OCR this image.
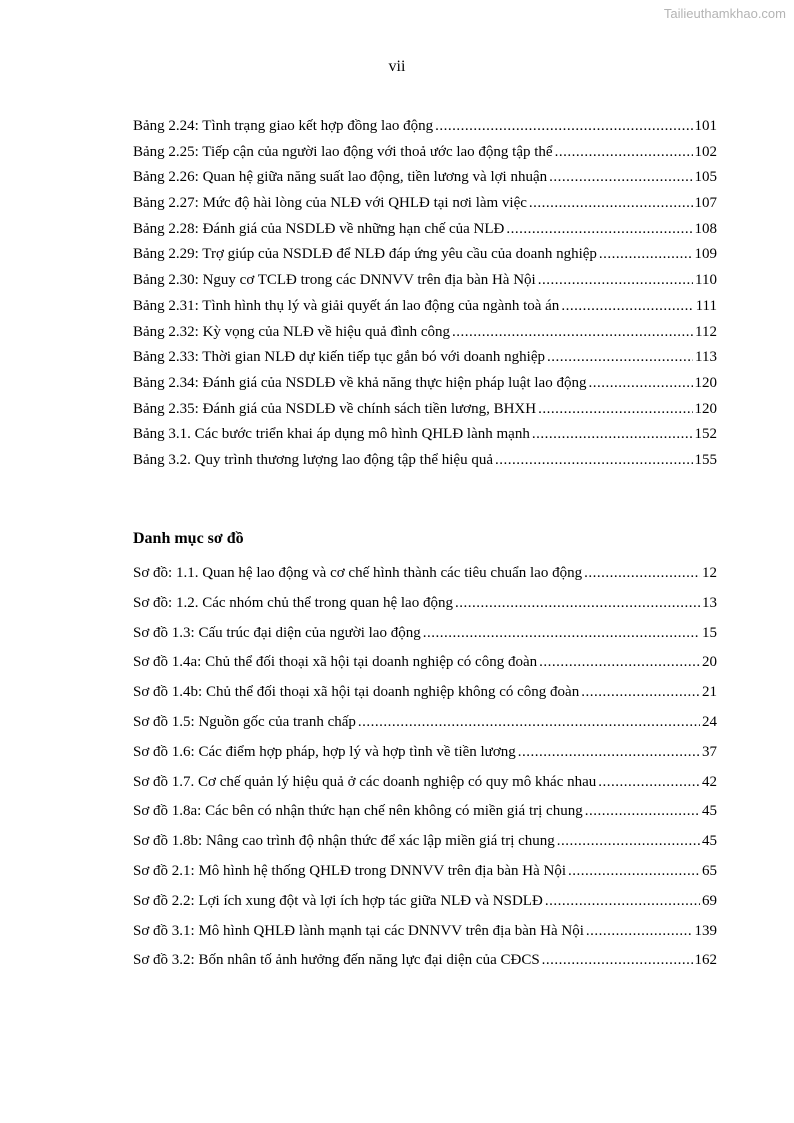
Tailieuthamkhao.com
vii
Bảng 2.24: Tình trạng giao kết hợp đồng lao động .....	101
Bảng 2.25: Tiếp cận của người lao động với thoả ước lao động tập thể .....	102
Bảng 2.26: Quan hệ giữa năng suất lao động, tiền lương và lợi nhuận .....	105
Bảng 2.27: Mức độ hài lòng của NLĐ với QHLĐ tại nơi làm việc .....	107
Bảng 2.28: Đánh giá của NSDLĐ về những hạn chế của NLĐ .....	108
Bảng 2.29: Trợ giúp của NSDLĐ để NLĐ đáp ứng yêu cầu của doanh nghiệp .....	109
Bảng 2.30: Nguy cơ TCLĐ trong các DNNVV trên địa bàn Hà Nội .....	110
Bảng 2.31: Tình hình thụ lý và giải quyết án lao động của ngành toà án .....	111
Bảng 2.32: Kỳ vọng của NLĐ về hiệu quả đình công .....	112
Bảng 2.33: Thời gian NLĐ dự kiến tiếp tục gắn bó với doanh nghiệp .....	113
Bảng 2.34: Đánh giá của NSDLĐ về khả năng thực hiện pháp luật lao động .....	120
Bảng 2.35: Đánh giá của NSDLĐ về chính sách tiền lương, BHXH .....	120
Bảng 3.1. Các bước triển khai áp dụng mô hình QHLĐ lành mạnh .....	152
Bảng 3.2. Quy trình thương lượng lao động tập thể hiệu quả .....	155
Danh mục sơ đồ
Sơ đồ: 1.1. Quan hệ lao động và cơ chế hình thành các tiêu chuẩn lao động .....	12
Sơ đồ: 1.2. Các nhóm chủ thể trong quan hệ lao động .....	13
Sơ đồ 1.3: Cấu trúc đại diện của người lao động .....	15
Sơ đồ 1.4a: Chủ thể đối thoại xã hội tại doanh nghiệp có công đoàn .....	20
Sơ đồ 1.4b: Chủ thể đối thoại xã hội tại doanh nghiệp không có công đoàn .....	21
Sơ đồ 1.5: Nguồn gốc của tranh chấp .....	24
Sơ đồ 1.6: Các điểm hợp pháp, hợp lý và hợp tình về tiền lương .....	37
Sơ đồ 1.7. Cơ chế quản lý hiệu quả ở các doanh nghiệp có quy mô khác nhau .....	42
Sơ đồ 1.8a: Các bên có nhận thức hạn chế nên không có miền giá trị chung .....	45
Sơ đồ 1.8b: Nâng cao trình độ nhận thức để xác lập miền giá trị chung .....	45
Sơ đồ 2.1: Mô hình hệ thống QHLĐ trong DNNVV trên địa bàn Hà Nội .....	65
Sơ đồ 2.2: Lợi ích xung đột và lợi ích hợp tác giữa NLĐ và NSDLĐ .....	69
Sơ đồ 3.1: Mô hình QHLĐ lành mạnh tại các DNNVV trên địa bàn Hà Nội .....	139
Sơ đồ 3.2: Bốn nhân tố ảnh hưởng đến năng lực đại diện của CĐCS .....	162
